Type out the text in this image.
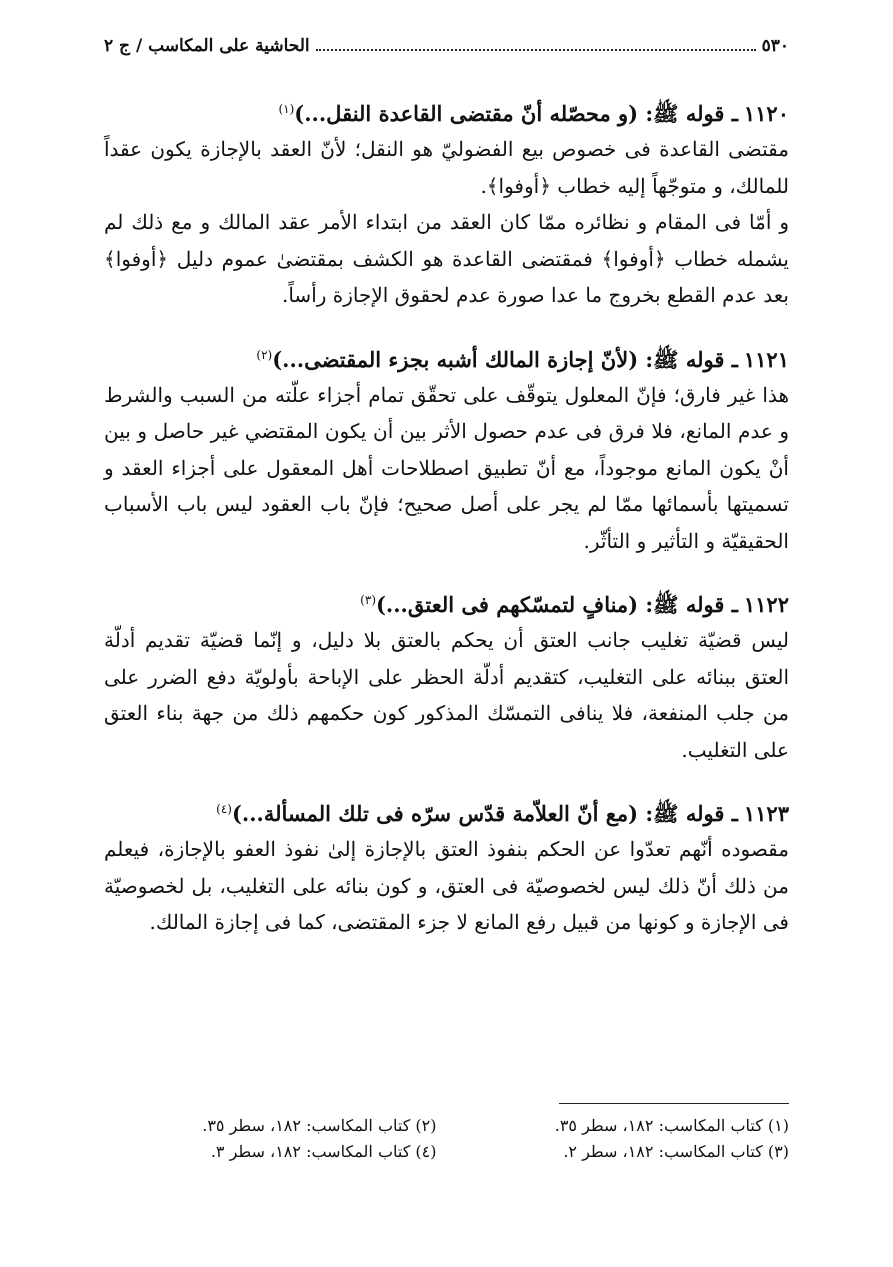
٥٣٠
الحاشية على المكاسب / ج ٢
١١٢٠ـ قوله ﷺ: (و محصّله أنّ مقتضى القاعدة النقل...)$^{(١)}$

مقتضى القاعدة فى خصوص بيع الفضوليّ هو النقل؛ لأنّ العقد بالإجازة يكون عقداً للمالك، و متوجّهاً إليه خطاب ﴿أوفوا﴾.

و أمّا فى المقام و نظائره ممّا كان العقد من ابتداء الأمر عقد المالك و مع ذلك لم يشمله خطاب ﴿أوفوا﴾ فمقتضى القاعدة هو الكشف بمقتضىٰ عموم دليل ﴿أوفوا﴾ بعد عدم القطع بخروج ما عدا صورة عدم لحقوق الإجازة رأساً.

١١٢١ـ قوله ﷺ: (لأنّ إجازة المالك أشبه بجزء المقتضى...)$^{(٢)}$

هذا غير فارق؛ فإنّ المعلول يتوقّف على تحقّق تمام أجزاء علّته من السبب والشرط و عدم المانع، فلا فرق فى عدم حصول الأثر بين أن يكون المقتضي غير حاصل و بين أنْ يكون المانع موجوداً، مع أنّ تطبيق اصطلاحات أهل المعقول على أجزاء العقد و تسميتها بأسمائها ممّا لم يجر على أصل صحيح؛ فإنّ باب العقود ليس باب الأسباب الحقيقيّة و التأثير و التأثّر.

١١٢٢ـ قوله ﷺ: (منافٍ لتمسّكهم فى العتق...)$^{(٣)}$

ليس قضيّة تغليب جانب العتق أن يحكم بالعتق بلا دليل، و إنّما قضيّة تقديم أدلّة العتق ببنائه على التغليب، كتقديم أدلّة الحظر على الإباحة بأولويّة دفع الضرر على من جلب المنفعة، فلا ينافى التمسّك المذكور كون حكمهم ذلك من جهة بناء العتق على التغليب.

١١٢٣ـ قوله ﷺ: (مع أنّ العلاّمة قدّس سرّه فى تلك المسألة...)$^{(٤)}$

مقصوده أنّهم تعدّوا عن الحكم بنفوذ العتق بالإجازة إلىٰ نفوذ العفو بالإجازة، فيعلم من ذلك أنّ ذلك ليس لخصوصيّة فى العتق، و كون بنائه على التغليب، بل لخصوصيّة فى الإجازة و كونها من قبيل رفع المانع لا جزء المقتضى، كما فى إجازة المالك.

(١) كتاب المكاسب: ١٨٢، سطر ٣٥.
(٢) كتاب المكاسب: ١٨٢، سطر ٣٥.
(٣) كتاب المكاسب: ١٨٢، سطر ٢.
(٤) كتاب المكاسب: ١٨٢، سطر ٣.
